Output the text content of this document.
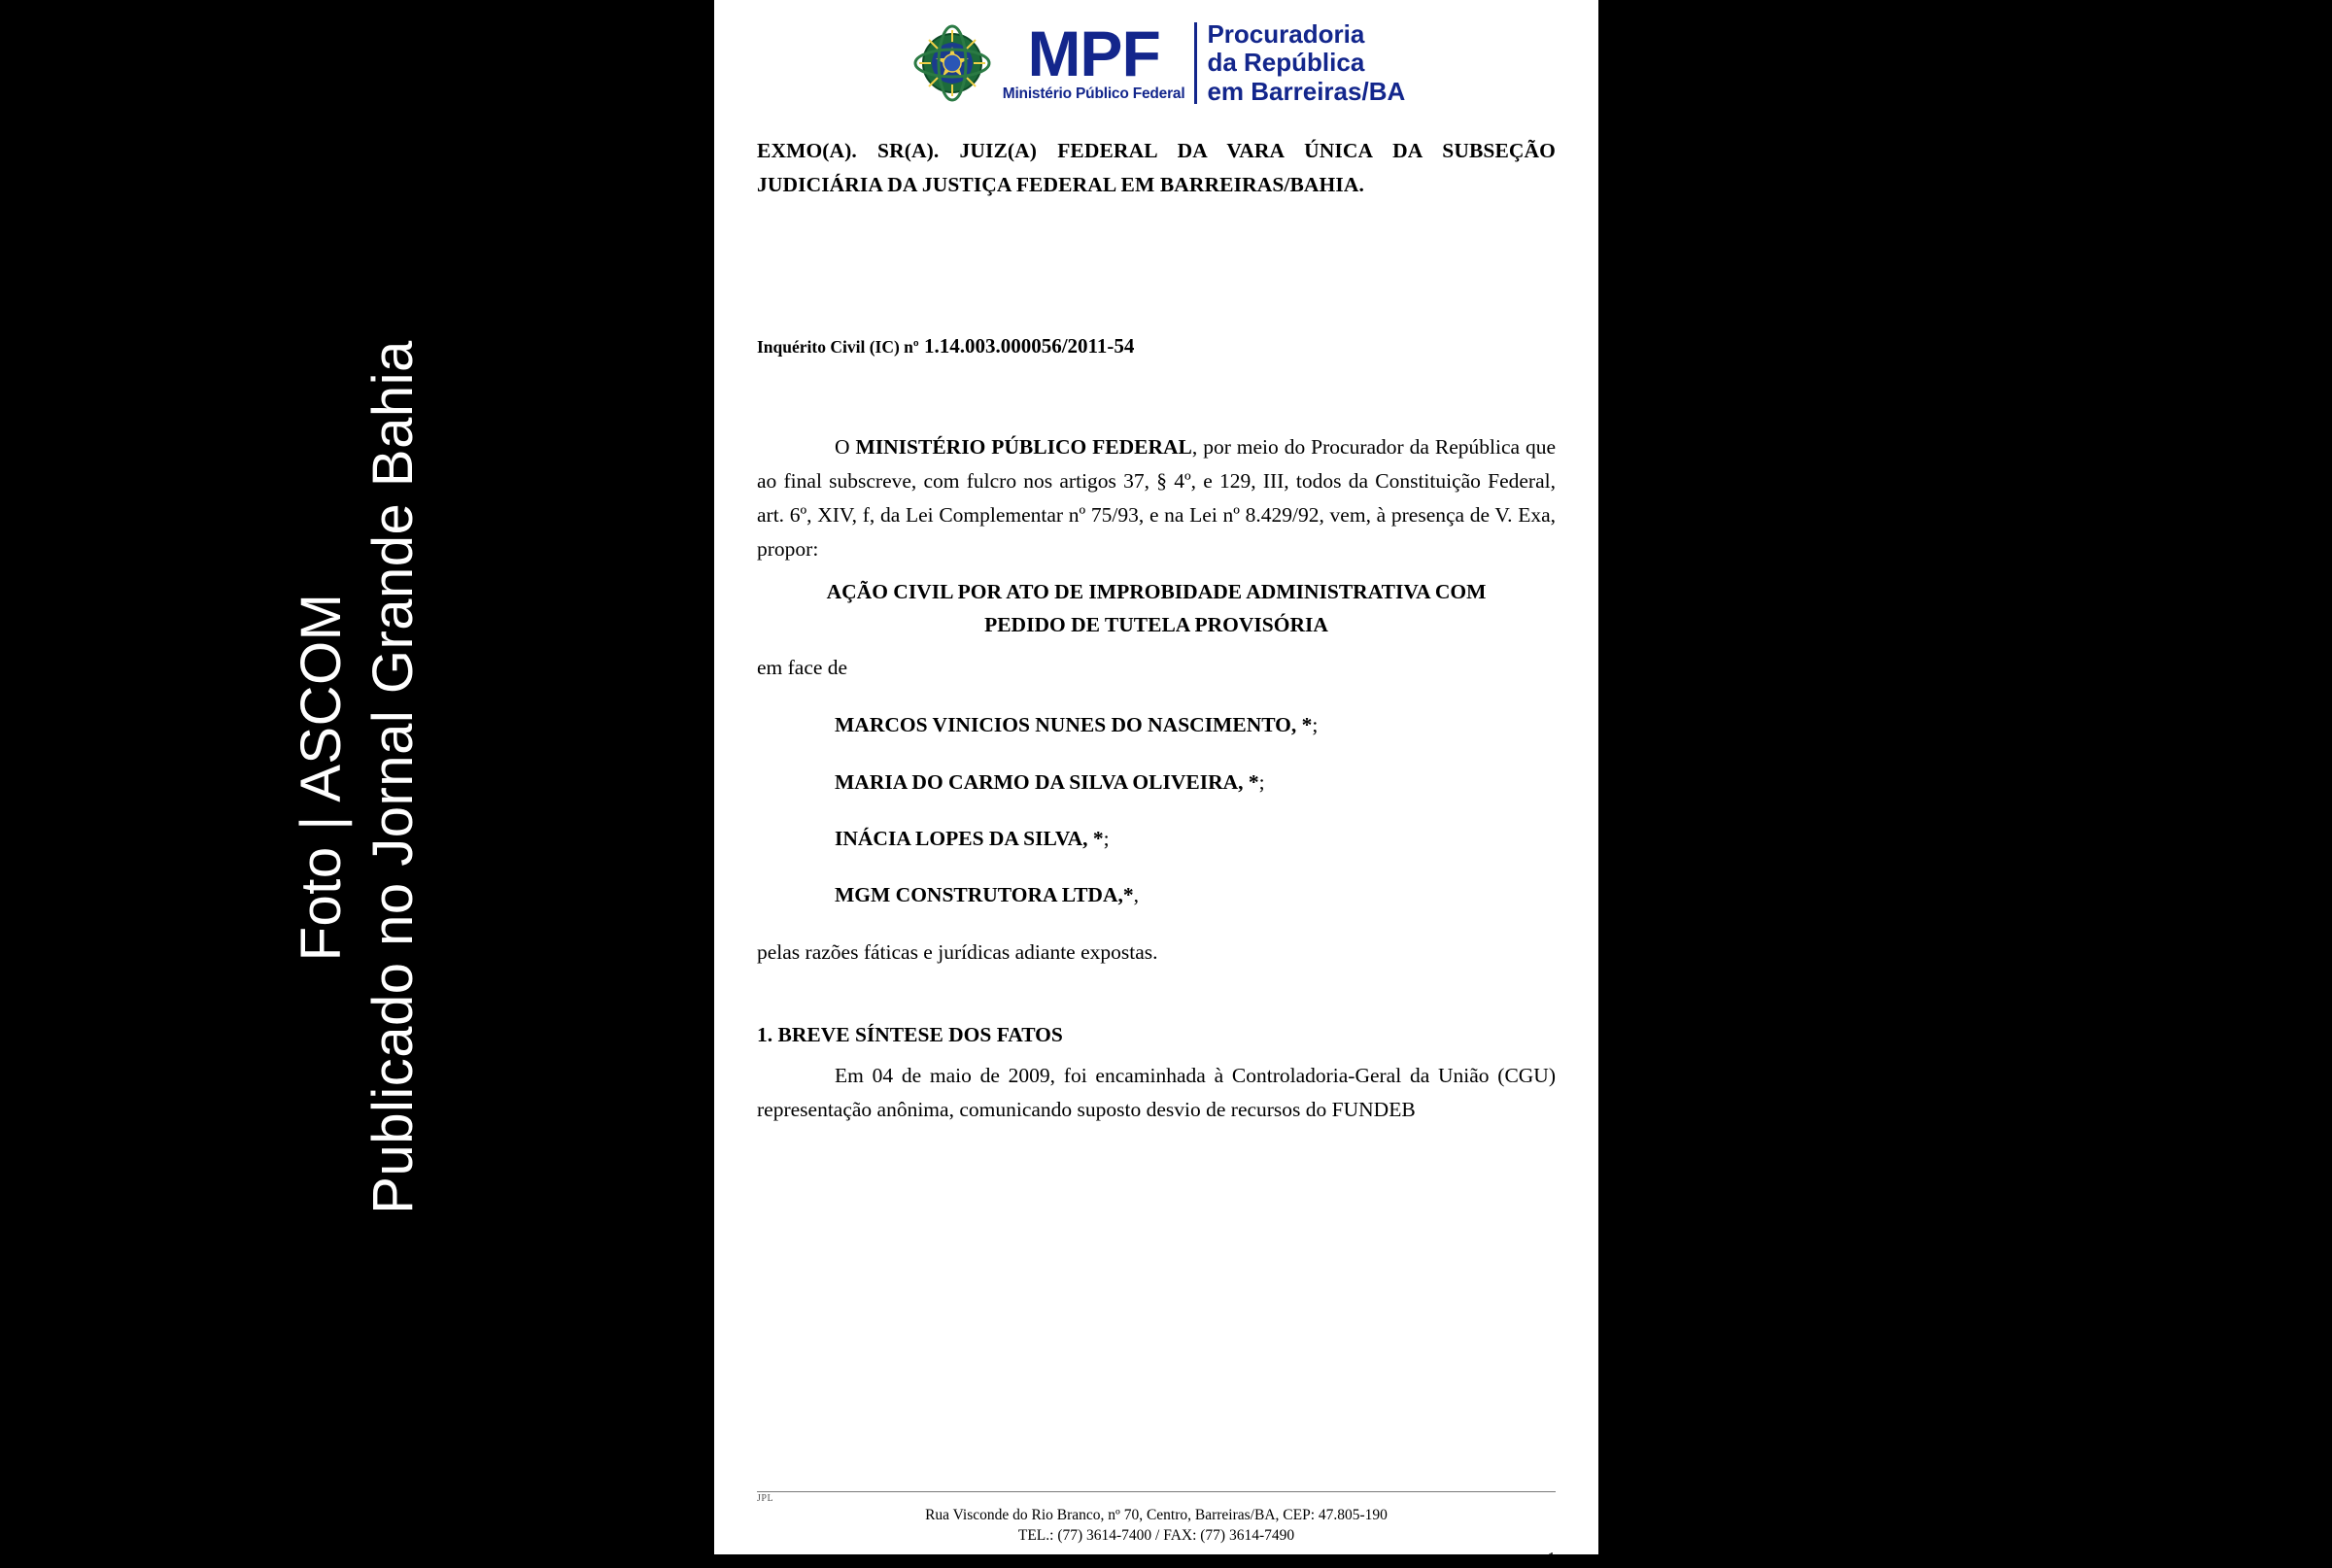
Foto | ASCOM Publicado no Jornal Grande Bahia
MPF
Ministério Público Federal
Procuradoria
da República
em Barreiras/BA
EXMO(A). SR(A). JUIZ(A) FEDERAL DA VARA ÚNICA DA SUBSEÇÃO JUDICIÁRIA DA JUSTIÇA FEDERAL EM BARREIRAS/BAHIA.
Inquérito Civil (IC) nº 1.14.003.000056/2011-54
O MINISTÉRIO PÚBLICO FEDERAL, por meio do Procurador da República que ao final subscreve, com fulcro nos artigos 37, § 4º, e 129, III, todos da Constituição Federal, art. 6º, XIV, f, da Lei Complementar nº 75/93, e na Lei nº 8.429/92, vem, à presença de V. Exa, propor:
AÇÃO CIVIL POR ATO DE IMPROBIDADE ADMINISTRATIVA COM
PEDIDO DE TUTELA PROVISÓRIA
em face de
MARCOS VINICIOS NUNES DO NASCIMENTO, *;
MARIA DO CARMO DA SILVA OLIVEIRA, *;
INÁCIA LOPES DA SILVA, *;
MGM CONSTRUTORA LTDA,*,
pelas razões fáticas e jurídicas adiante expostas.
1. BREVE SÍNTESE DOS FATOS
Em 04 de maio de 2009, foi encaminhada à Controladoria-Geral da União (CGU) representação anônima, comunicando suposto desvio de recursos do FUNDEB
JPL
Rua Visconde do Rio Branco, nº 70, Centro, Barreiras/BA, CEP: 47.805-190
TEL.: (77) 3614-7400 / FAX: (77) 3614-7490
1
